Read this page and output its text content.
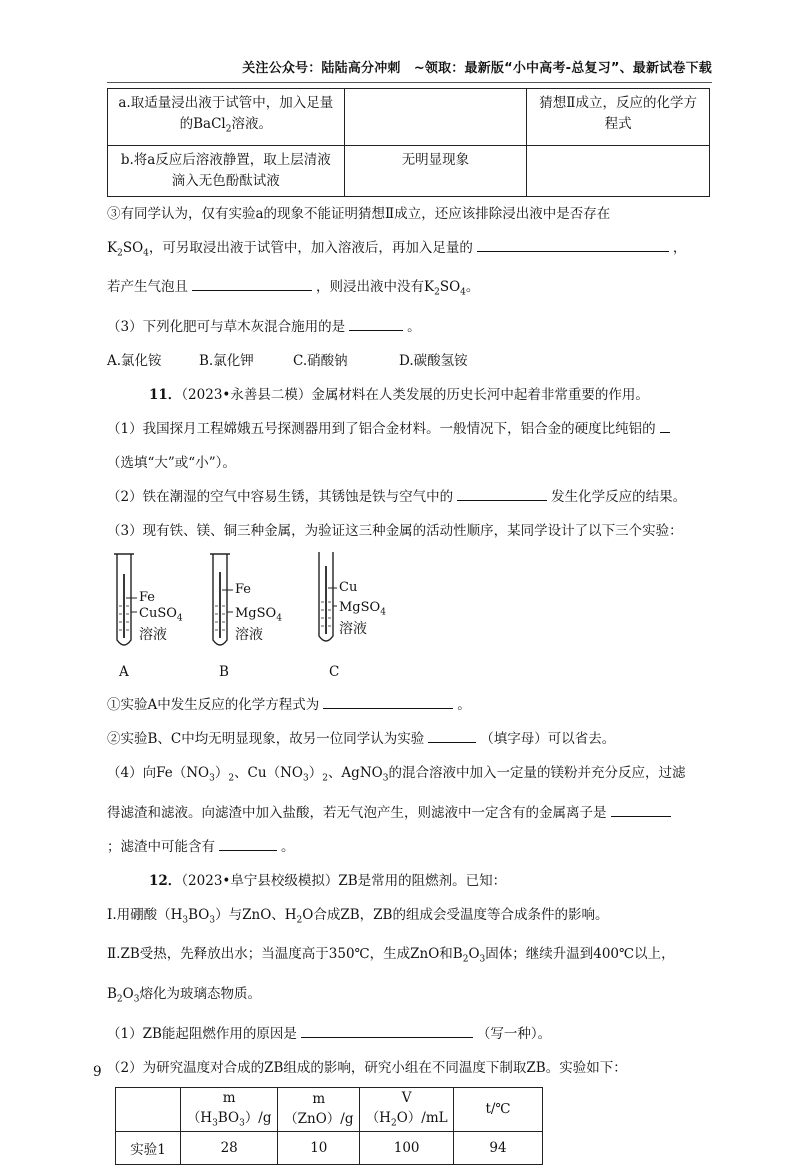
关注公众号：陆陆高分冲刺　~领取：最新版“小中高考-总复习”、最新试卷下载
a.取适量浸出液于试管中，加入足量
的BaCl$_2$溶液。		猜想Ⅱ成立，反应的化学方
程式
b.将a反应后溶液静置，取上层清液
滴入无色酚酞试液	无明显现象	

③有同学认为，仅有实验a的现象不能证明猜想Ⅱ成立，还应该排除浸出液中是否存在

$K_2SO_4$，可另取浸出液于试管中，加入溶液后，再加入足量的	，

若产生气泡且	，则浸出液中没有$K_2SO_4$。

（3）下列化肥可与草木灰混合施用的是	。

A.氯化铵	B.氯化钾	C.硝酸钠	D.碳酸氢铵

11．（2023•永善县二模）金属材料在人类发展的历史长河中起着非常重要的作用。

（1）我国探月工程嫦娥五号探测器用到了铝合金材料。一般情况下，铝合金的硬度比纯铝的

（选填“大”或“小”）。

（2）铁在潮湿的空气中容易生锈，其锈蚀是铁与空气中的	发生化学反应的结果。

（3）现有铁、镁、铜三种金属，为验证这三种金属的活动性顺序，某同学设计了以下三个实验：

Fe
CuSO$_4$
溶液
Fe
MgSO$_4$
溶液
Cu
MgSO$_4$
溶液
A	B	C

①实验A中发生反应的化学方程式为	。

②实验B、C中均无明显现象，故另一位同学认为实验	（填字母）可以省去。

（4）向$Fe(NO_3)_2$、$Cu(NO_3)_2$、AgNO$_3$的混合溶液中加入一定量的镁粉并充分反应，过滤

得滤渣和滤液。向滤渣中加入盐酸，若无气泡产生，则滤液中一定含有的金属离子是

；滤渣中可能含有	。

12．（2023•阜宁县校级模拟）ZB是常用的阻燃剂。已知：

Ⅰ.用硼酸$(H_3BO_3)$与ZnO、$H_2O$合成ZB，ZB的组成会受温度等合成条件的影响。

Ⅱ.ZB受热，先释放出水；当温度高于350℃，生成ZnO和$B_2O_3$固体；继续升温到400℃以上，

$B_2O_3$熔化为玻璃态物质。

（1）ZB能起阻燃作用的原因是	（写一种）。

（2）为研究温度对合成的ZB组成的影响，研究小组在不同温度下制取ZB。实验如下：

	$m(H_3BO_3)/g$	m（ZnO）/g	$V(H_2O)/mL$	t/℃
实验1	28	10	100	94
9
